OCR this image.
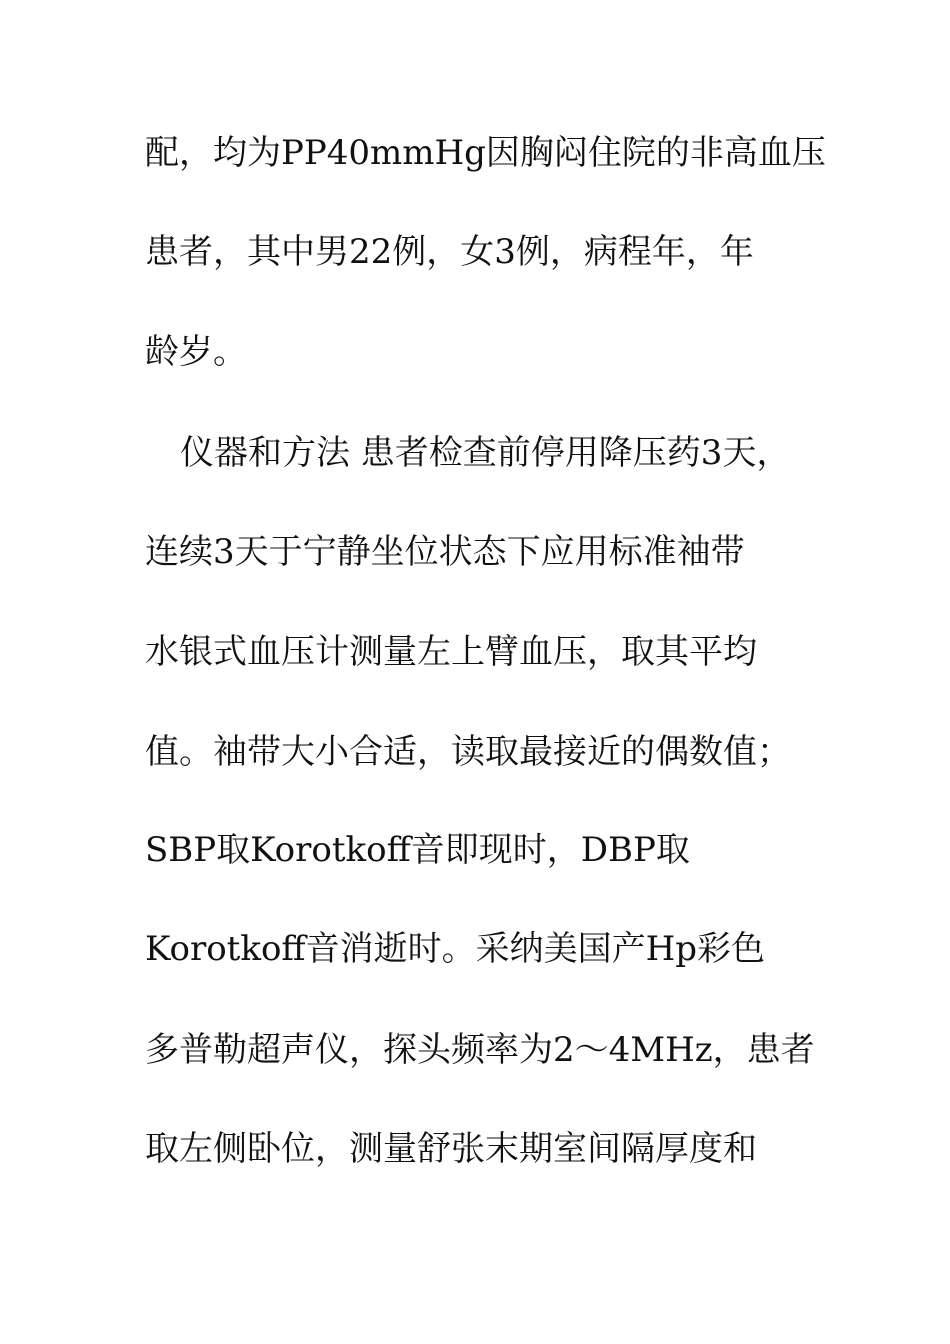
配，均为PP40mmHg因胸闷住院的非高血压
患者，其中男22例，女3例，病程年，年
龄岁。
仪器和方法 患者检查前停用降压药3天，
连续3天于宁静坐位状态下应用标准袖带
水银式血压计测量左上臂血压，取其平均
值。袖带大小合适，读取最接近的偶数值；
SBP取Korotkoff音即现时，DBP取
Korotkoff音消逝时。采纳美国产Hp彩色
多普勒超声仪，探头频率为2～4MHz，患者
取左侧卧位，测量舒张末期室间隔厚度和
